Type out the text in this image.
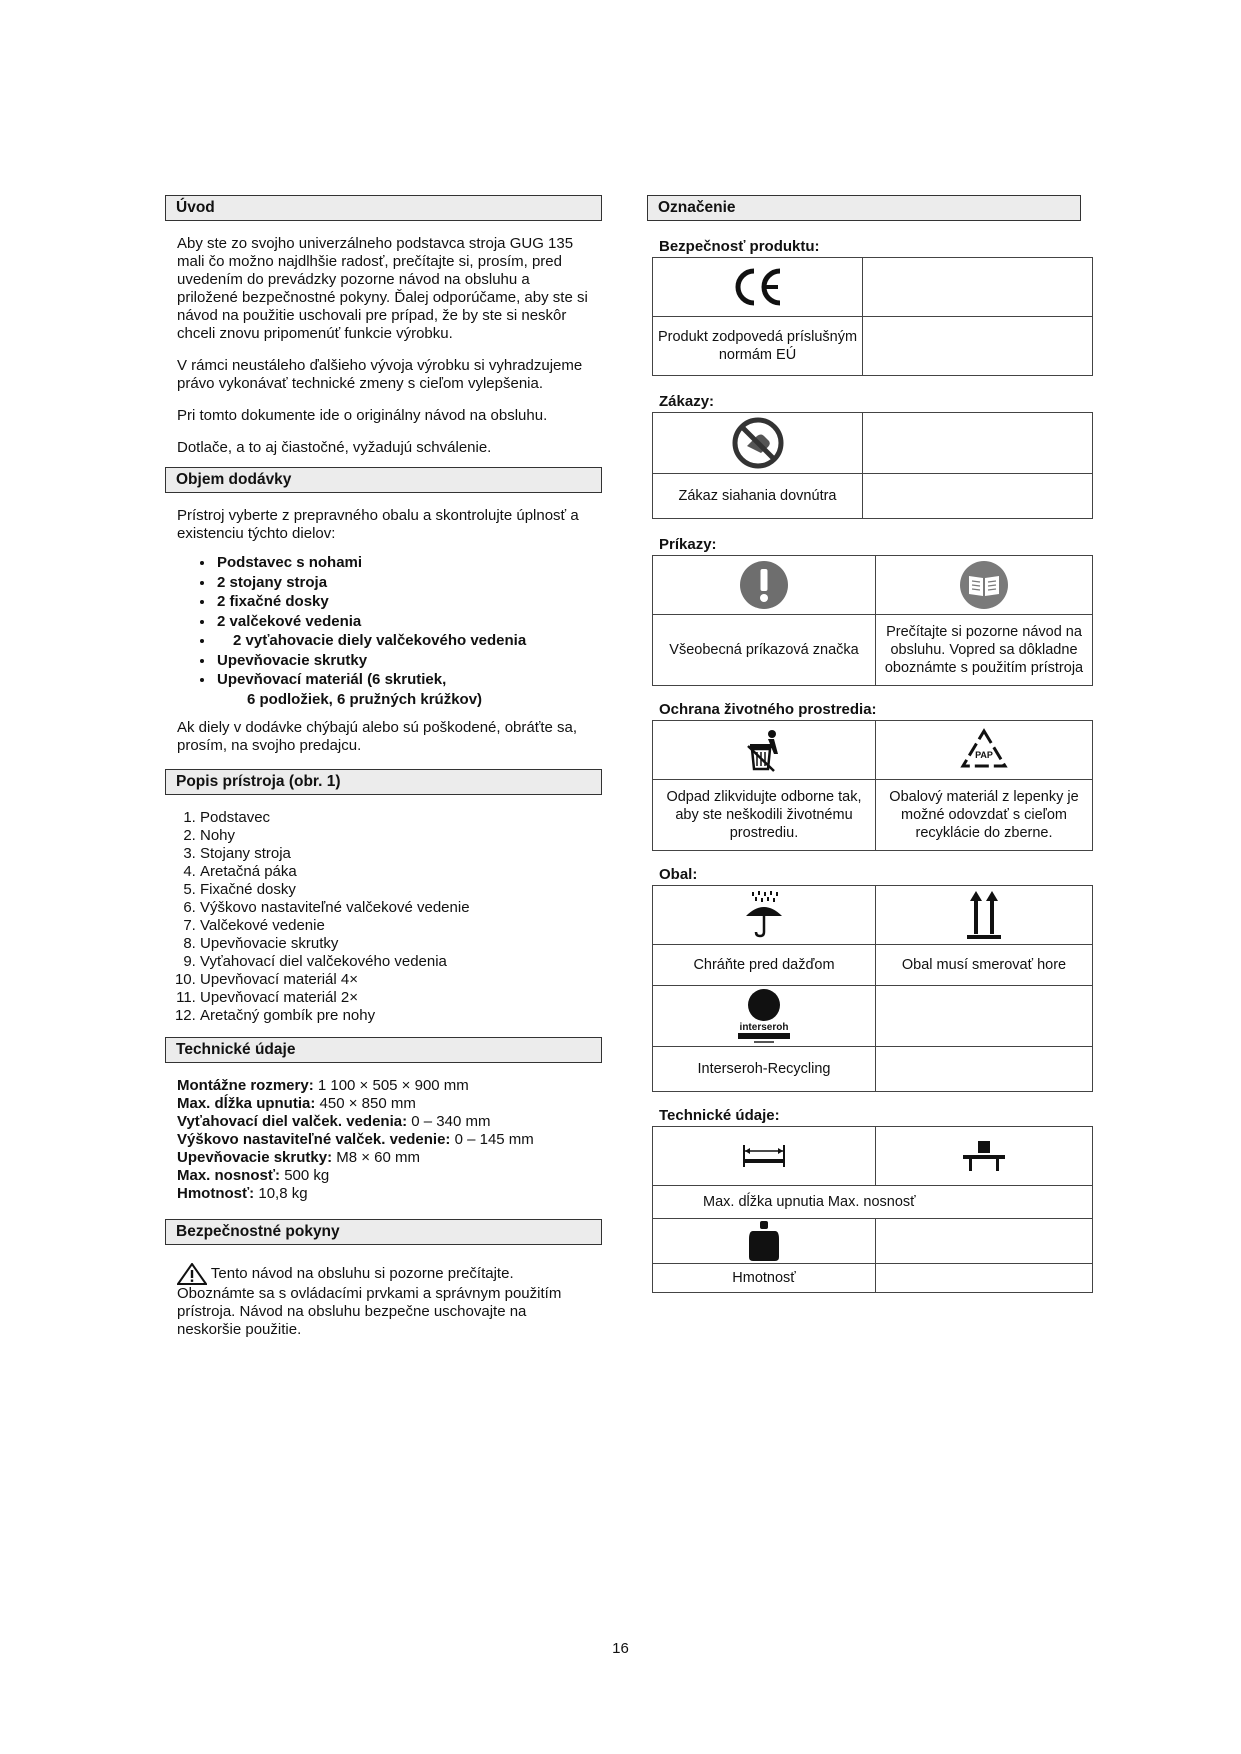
Úvod
Aby ste zo svojho univerzálneho podstavca stroja GUG 135 mali čo možno najdlhšie radosť, prečítajte si, prosím, pred uvedením do prevádzky pozorne návod na obsluhu a priložené bezpečnostné pokyny. Ďalej odporúčame, aby ste si návod na použitie uschovali pre prípad, že by ste si neskôr chceli znovu pripomenúť funkcie výrobku.
V rámci neustáleho ďalšieho vývoja výrobku si vyhradzujeme právo vykonávať technické zmeny s cieľom vylepšenia.
Pri tomto dokumente ide o originálny návod na obsluhu.
Dotlače, a to aj čiastočné, vyžadujú schválenie.
Objem dodávky
Prístroj vyberte z prepravného obalu a skontrolujte úplnosť a existenciu týchto dielov:
• Podstavec s nohami
• 2 stojany stroja
• 2 fixačné dosky
• 2 valčekové vedenia
• 2 vyťahovacie diely valčekového vedenia
• Upevňovacie skrutky
• Upevňovací materiál (6 skrutiek,
6 podložiek, 6 pružných krúžkov)
Ak diely v dodávke chýbajú alebo sú poškodené, obráťte sa, prosím, na svojho predajcu.
Popis prístroja (obr. 1)
1. Podstavec
2. Nohy
3. Stojany stroja
4. Aretačná páka
5. Fixačné dosky
6. Výškovo nastaviteľné valčekové vedenie
7. Valčekové vedenie
8. Upevňovacie skrutky
9. Vyťahovací diel valčekového vedenia
10. Upevňovací materiál 4×
11. Upevňovací materiál 2×
12. Aretačný gombík pre nohy
Technické údaje
Montážne rozmery: 1 100 × 505 × 900 mm
Max. dĺžka upnutia: 450 × 850 mm
Vyťahovací diel valček. vedenia: 0 – 340 mm
Výškovo nastaviteľné valček. vedenie: 0 – 145 mm
Upevňovacie skrutky: M8 × 60 mm
Max. nosnosť: 500 kg
Hmotnosť: 10,8 kg
Bezpečnostné pokyny
Tento návod na obsluhu si pozorne prečítajte.
Oboznámte sa s ovládacími prvkami a správnym použitím prístroja. Návod na obsluhu bezpečne uschovajte na neskoršie použitie.
Označenie
Bezpečnosť produktu:

Produkt zodpovedá príslušným normám EÚ	
Zákazy:

Zákaz siahania dovnútra	
Príkazy:

Všeobecná príkazová značka	Prečítajte si pozorne návod na obsluhu. Vopred sa dôkladne oboznámte s použitím prístroja
Ochrana životného prostredia:

PAP

Odpad zlikvidujte odborne tak, aby ste neškodili životnému prostrediu.	Obalový materiál z lepenky je možné odovzdať s cieľom recyklácie do zberne.
Obal:

Chráňte pred dažďom	Obal musí smerovať hore

interseroh	

Interseroh-Recycling	
Technické údaje:

Max. dĺžka upnutia Max. nosnosť	

Hmotnosť	
16
